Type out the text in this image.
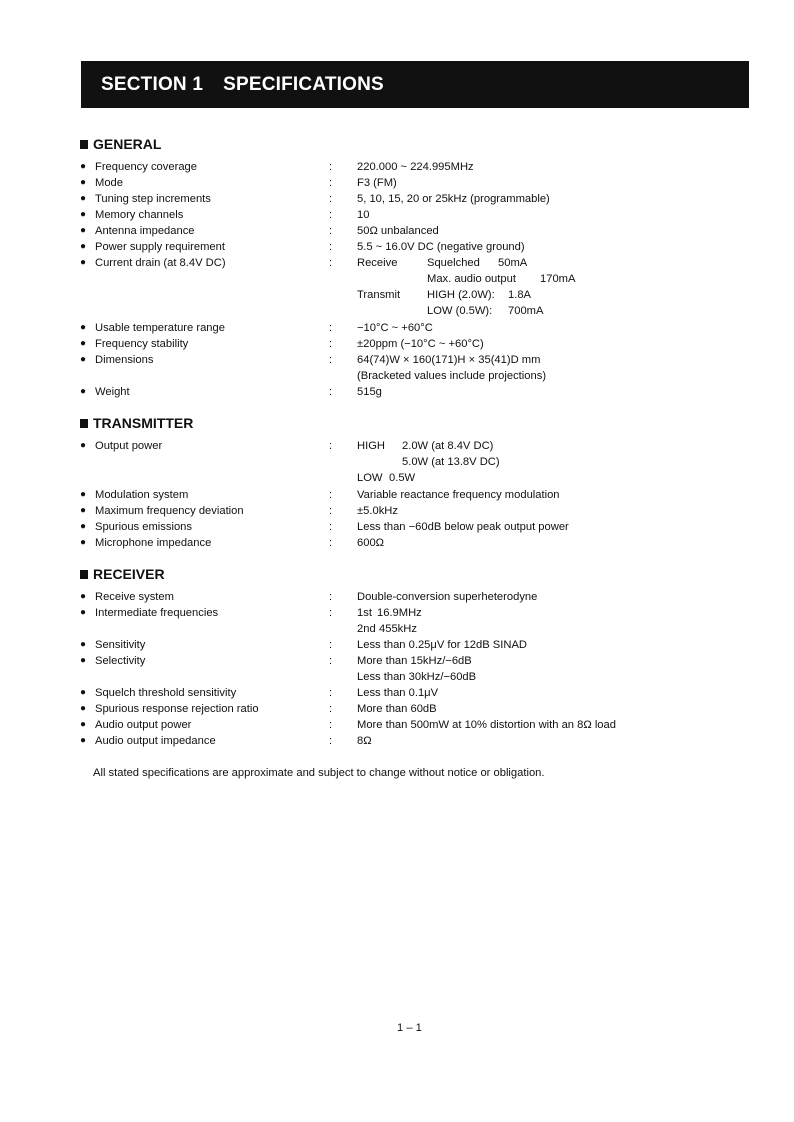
SECTION 1 SPECIFICATIONS
GENERAL
● Frequency coverage	: 220.000 ~ 224.995MHz
● Mode	: F3 (FM)
● Tuning step increments	: 5, 10, 15, 20 or 25kHz (programmable)
● Memory channels	: 10
● Antenna impedance	: 50Ω unbalanced
● Power supply requirement	: 5.5 ~ 16.0V DC (negative ground)
● Current drain (at 8.4V DC)	: Receive	Squelched 50mA
Max. audio output 170mA
Transmit HIGH (2.0W): 1.8A
LOW (0.5W): 700mA
● Usable temperature range	: −10°C ~ +60°C
● Frequency stability	: ±20ppm (−10°C ~ +60°C)
● Dimensions	: 64(74)W × 160(171)H × 35(41)D mm
(Bracketed values include projections)
● Weight	: 515g
TRANSMITTER
● Output power	: HIGH 2.0W (at 8.4V DC)
5.0W (at 13.8V DC)
LOW 0.5W
● Modulation system	: Variable reactance frequency modulation
● Maximum frequency deviation	: ±5.0kHz
● Spurious emissions	: Less than −60dB below peak output power
● Microphone impedance	: 600Ω
RECEIVER
● Receive system	: Double-conversion superheterodyne
● Intermediate frequencies	: 1st 16.9MHz
2nd 455kHz
● Sensitivity	: Less than 0.25μV for 12dB SINAD
● Selectivity	: More than 15kHz/−6dB
Less than 30kHz/−60dB
● Squelch threshold sensitivity	: Less than 0.1μV
● Spurious response rejection ratio	: More than 60dB
● Audio output power	: More than 500mW at 10% distortion with an 8Ω load
● Audio output impedance	: 8Ω
All stated specifications are approximate and subject to change without notice or obligation.
1 – 1
